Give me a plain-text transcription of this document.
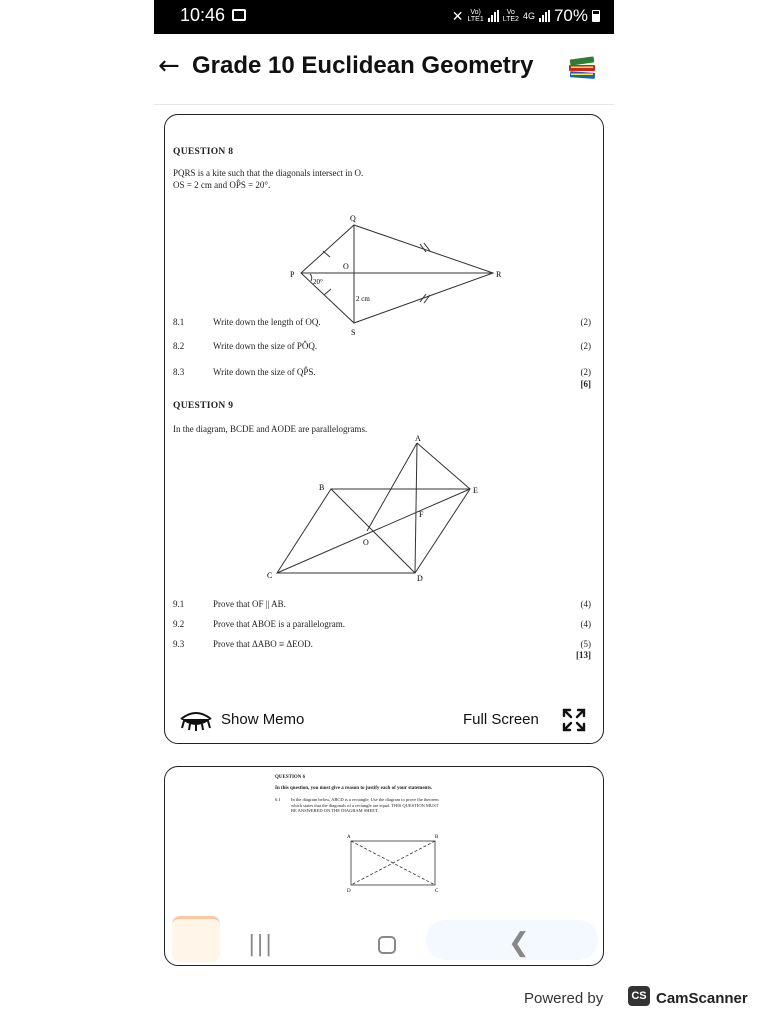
10:46	✕ Vo)
LTE1
Vo
LTE2 4G 70%
← Grade 10 Euclidean Geometry
QUESTION 8
PQRS is a kite such that the diagonals intersect in O.
OS = 2 cm and OP̂S = 20°.
Q
P	R
S
O
20°
2 cm
8.1	Write down the length of OQ.	(2)
8.2	Write down the size of PÔQ.	(2)
8.3	Write down the size of QP̂S.	(2)
[6]
QUESTION 9
In the diagram, BCDE and AODE are parallelograms.
A
B
C	D
E
F
O
9.1	Prove that OF || AB.	(4)
9.2	Prove that ABOE is a parallelogram.	(4)
9.3	Prove that ΔABO ≡ ΔEOD.	(5)
[13]
Show Memo	Full Screen
QUESTION 6
In this question, you must give a reason to justify each of your statements.
6.1 In the diagram below, ABCD is a rectangle. Use the diagram to prove the theorem
which states that the diagonals of a rectangle are equal. THIS QUESTION MUST
BE ANSWERED ON THE DIAGRAM SHEET.
A	B
C
D
|||	❮
Powered by	CS CamScanner
